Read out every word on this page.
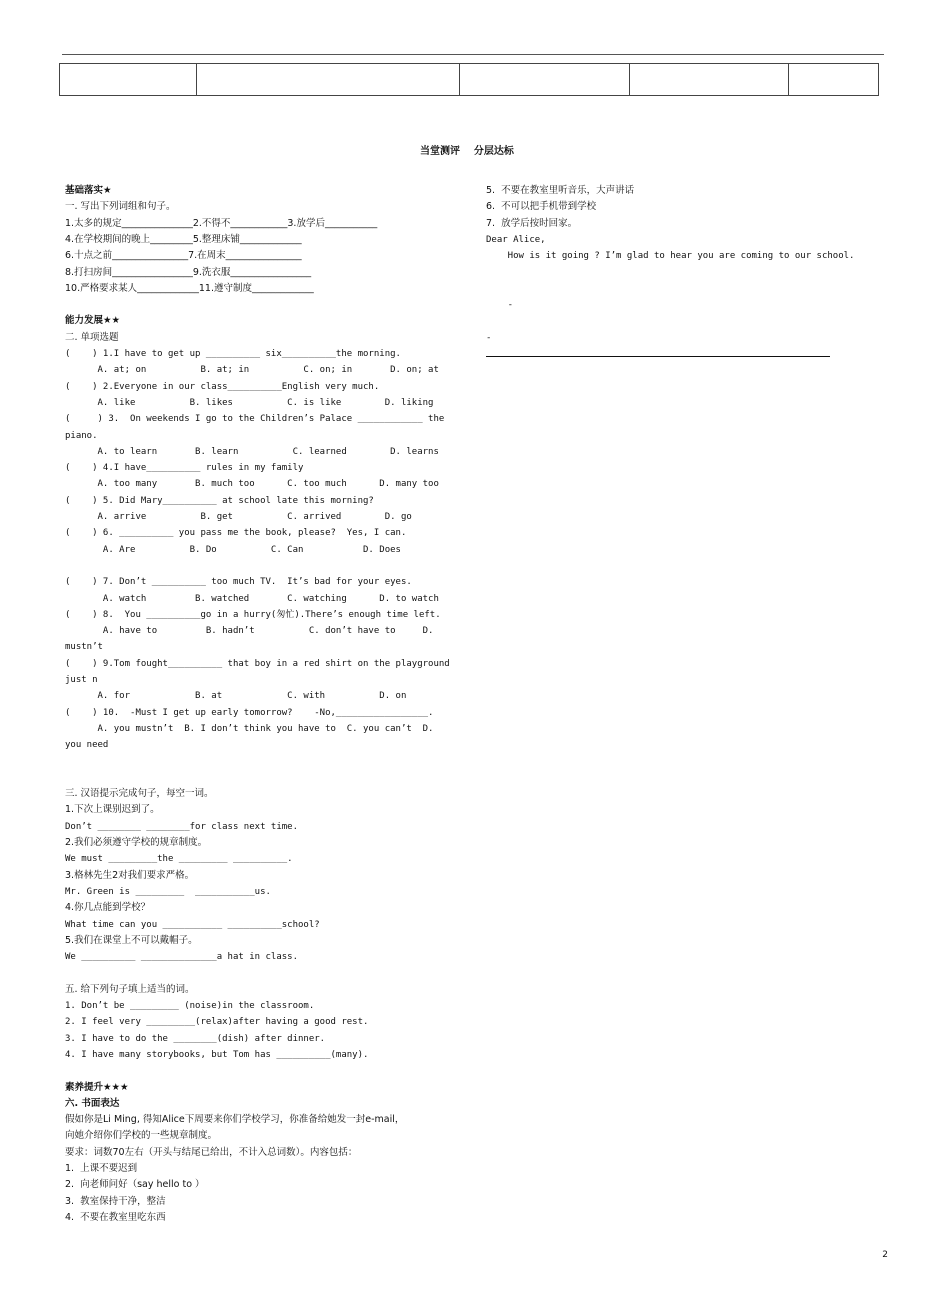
当堂测评    分层达标
基础落实★
一. 写出下列词组和句子。
1.太多的规定_______________2.不得不____________3.放学后___________
4.在学校期间的晚上_________5.整理床铺_____________
6.十点之前________________7.在周末________________
8.打扫房间_________________9.洗衣服_________________
10.严格要求某人_____________11.遵守制度_____________
能力发展★★
二. 单项选题
(    ) 1.I have to get up __________ six__________the morning.
A. at; on          B. at; in          C. on; in       D. on; at
(    ) 2.Everyone in our class__________English very much.
A. like          B. likes          C. is like        D. liking
(     ) 3.  On weekends I go to the Children’s Palace ____________ the
piano.
A. to learn       B. learn          C. learned        D. learns
(    ) 4.I have__________ rules in my family
A. too many       B. much too      C. too much      D. many too
(    ) 5. Did Mary__________ at school late this morning?
A. arrive          B. get          C. arrived        D. go
(    ) 6. __________ you pass me the book, please?  Yes, I can.
A. Are          B. Do          C. Can           D. Does
(    ) 7. Don’t __________ too much TV.  It’s bad for your eyes.
A. watch         B. watched       C. watching      D. to watch
(    ) 8.  You __________go in a hurry(匆忙).There’s enough time left.
A. have to         B. hadn’t          C. don’t have to     D.
mustn’t
(    ) 9.Tom fought__________ that boy in a red shirt on the playground
just n
A. for            B. at            C. with          D. on
(    ) 10.  -Must I get up early tomorrow?    -No,_________________.
A. you mustn’t  B. I don’t think you have to  C. you can’t  D.
you need
三. 汉语提示完成句子，每空一词。
1.下次上课别迟到了。
Don’t ________ ________for class next time.
2.我们必须遵守学校的规章制度。
We must _________the _________ __________.
3.格林先生2对我们要求严格。
Mr. Green is _________  ___________us.
4.你几点能到学校？
What time can you ___________ __________school?
5.我们在课堂上不可以戴帽子。
We __________ ______________a hat in class.
五. 给下列句子填上适当的词。
1. Don’t be _________ (noise)in the classroom.
2. I feel very _________(relax)after having a good rest.
3. I have to do the ________(dish) after dinner.
4. I have many storybooks, but Tom has __________(many).
素养提升★★★
六. 书面表达
假如你是Li Ming, 得知Alice下周要来你们学校学习，你准备给她发一封e-mail，
向她介绍你们学校的一些规章制度。
要求：词数70左右（开头与结尾已给出，不计入总词数）。内容包括：
1.  上课不要迟到
2.  向老师问好（say hello to ）
3.  教室保持干净，整洁
4.  不要在教室里吃东西
5.  不要在教室里听音乐，大声讲话
6.  不可以把手机带到学校
7.  放学后按时回家。
Dear Alice,
How is it going ? I’m glad to hear you are coming to our school.
-
-
2
